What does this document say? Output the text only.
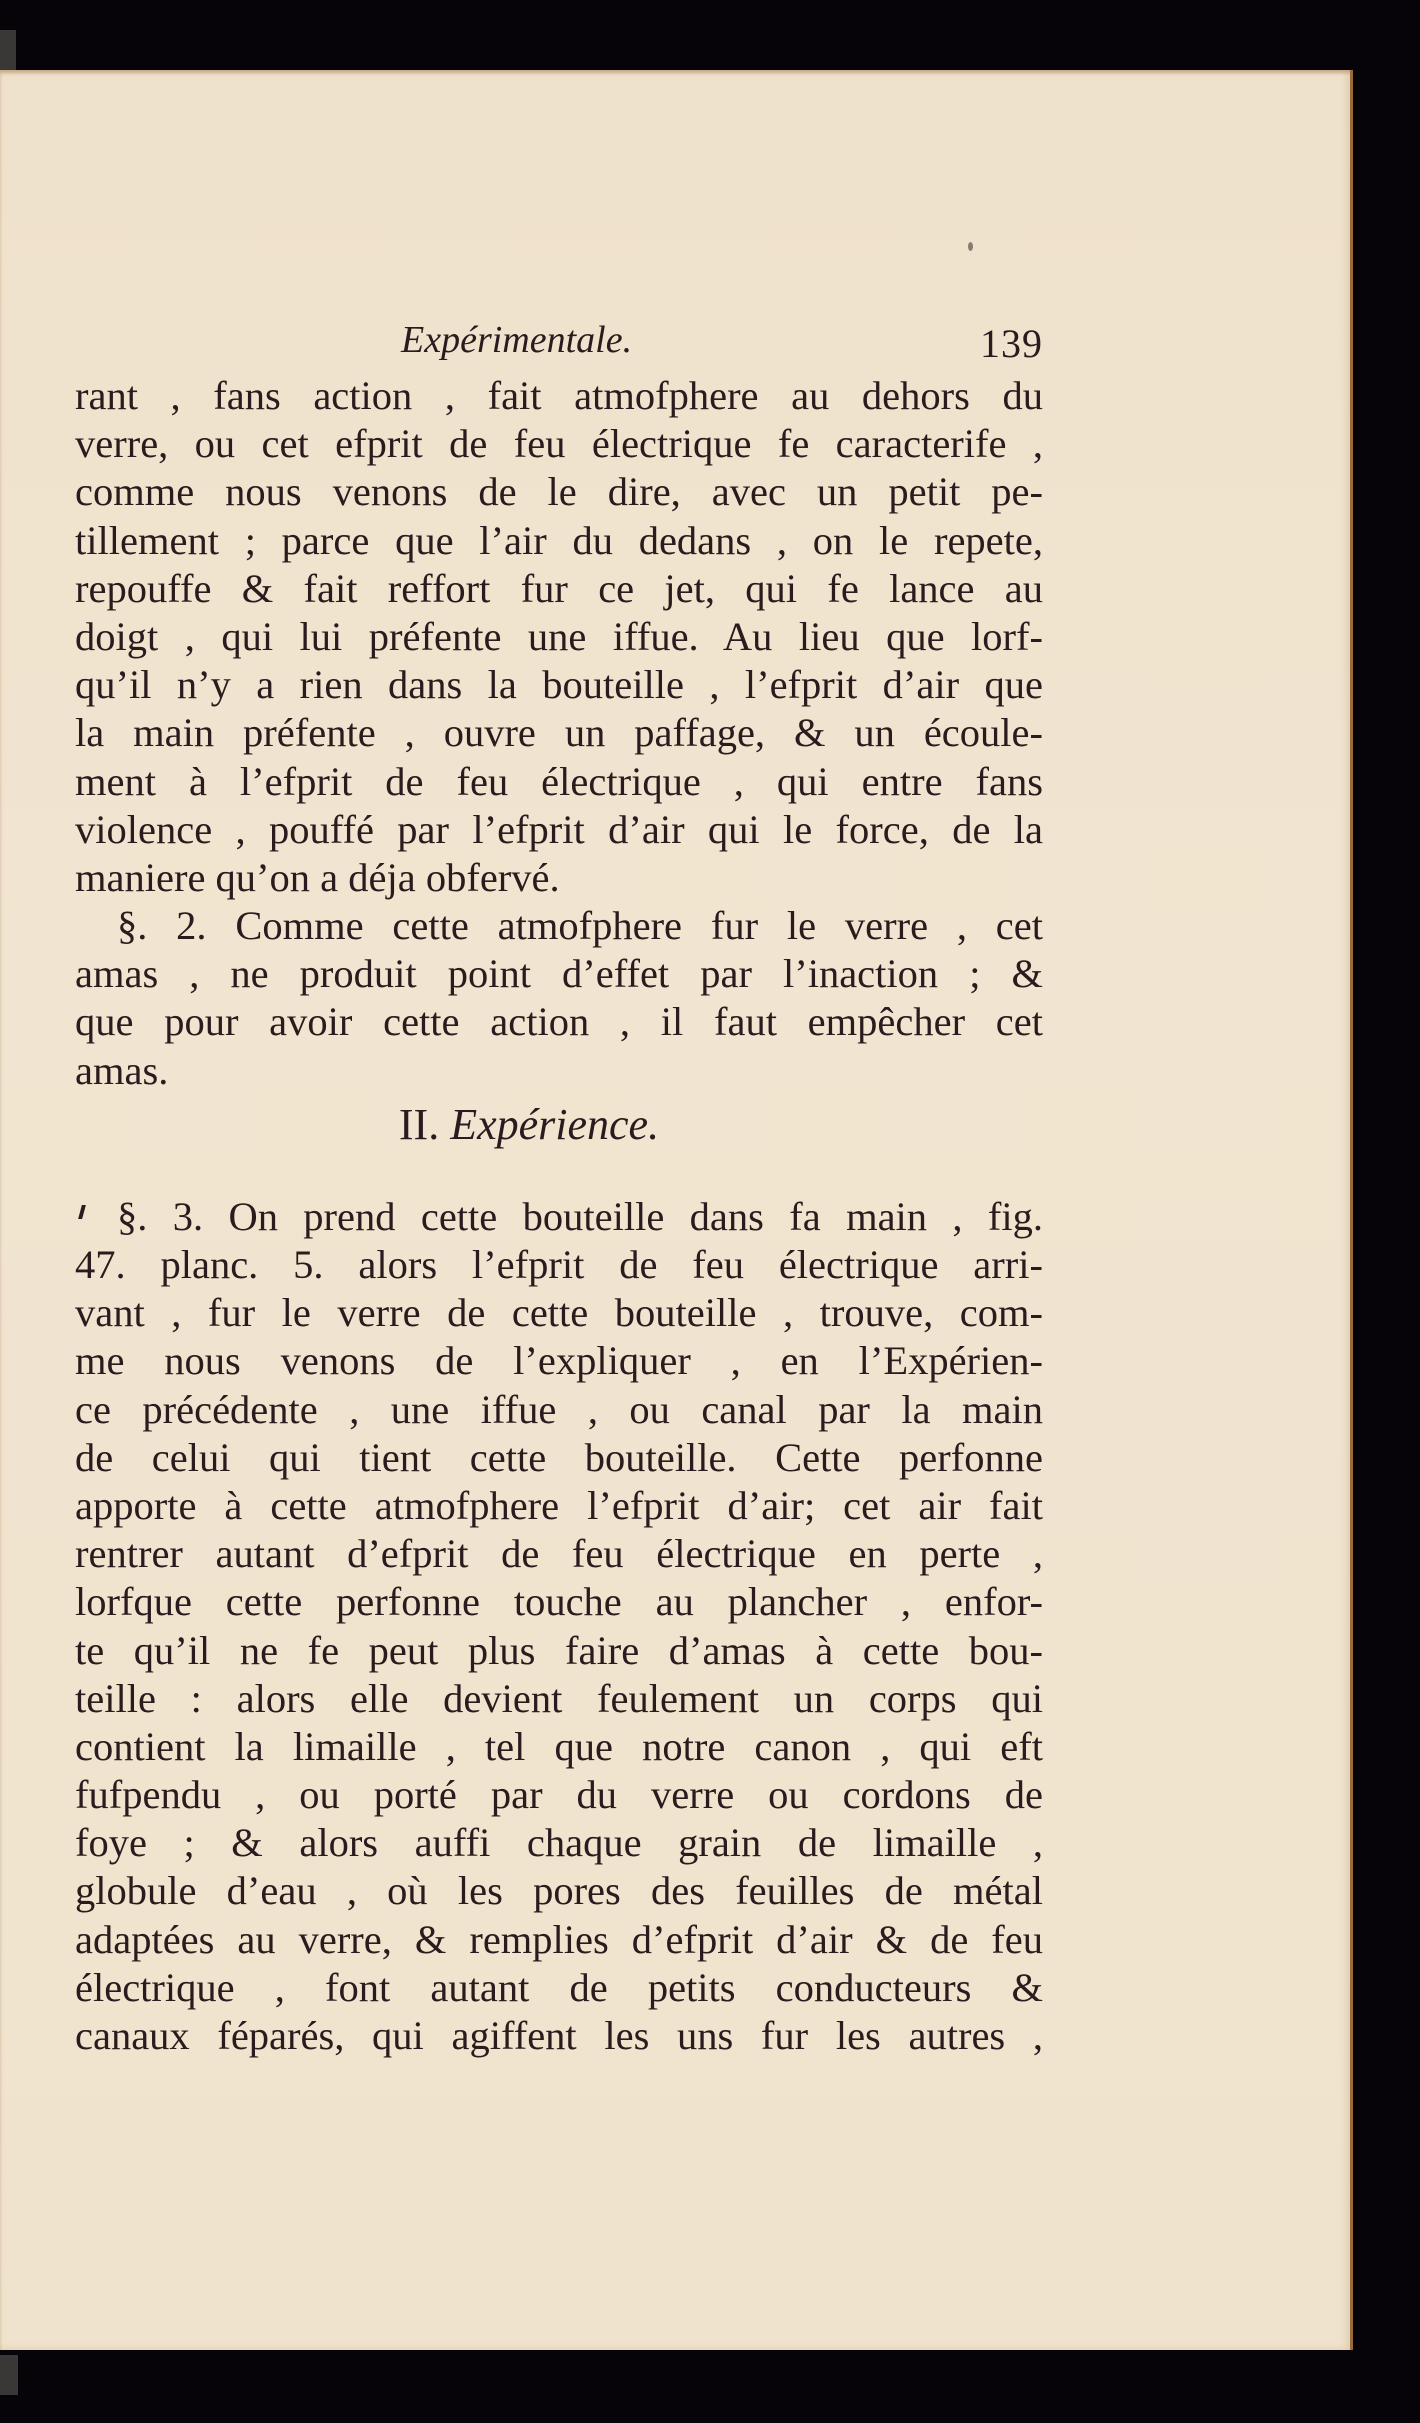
Expérimentale.	139
rant , fans action , fait atmofphere au dehors du
verre, ou cet efprit de feu électrique fe caracterife ,
comme nous venons de le dire, avec un petit pe-
tillement ; parce que l’air du dedans , on le repete,
repouffe & fait reffort fur ce jet, qui fe lance au
doigt , qui lui préfente une iffue. Au lieu que lorf-
qu’il n’y a rien dans la bouteille , l’efprit d’air que
la main préfente , ouvre un paffage, & un écoule-
ment à l’efprit de feu électrique , qui entre fans
violence , pouffé par l’efprit d’air qui le force, de la
maniere qu’on a déja obfervé.
§. 2. Comme cette atmofphere fur le verre , cet
amas , ne produit point d’effet par l’inaction ; &
que pour avoir cette action , il faut empêcher cet
amas.
II. Expérience.
§. 3. On prend cette bouteille dans fa main , fig.
47. planc. 5. alors l’efprit de feu électrique arri-
vant , fur le verre de cette bouteille , trouve, com-
me nous venons de l’expliquer , en l’Expérien-
ce précédente , une iffue , ou canal par la main
de celui qui tient cette bouteille. Cette perfonne
apporte à cette atmofphere l’efprit d’air; cet air fait
rentrer autant d’efprit de feu électrique en perte ,
lorfque cette perfonne touche au plancher , enfor-
te qu’il ne fe peut plus faire d’amas à cette bou-
teille : alors elle devient feulement un corps qui
contient la limaille , tel que notre canon , qui eft
fufpendu , ou porté par du verre ou cordons de
foye ; & alors auffi chaque grain de limaille ,
globule d’eau , où les pores des feuilles de métal
adaptées au verre, & remplies d’efprit d’air & de feu
électrique , font autant de petits conducteurs &
canaux féparés, qui agiffent les uns fur les autres ,
